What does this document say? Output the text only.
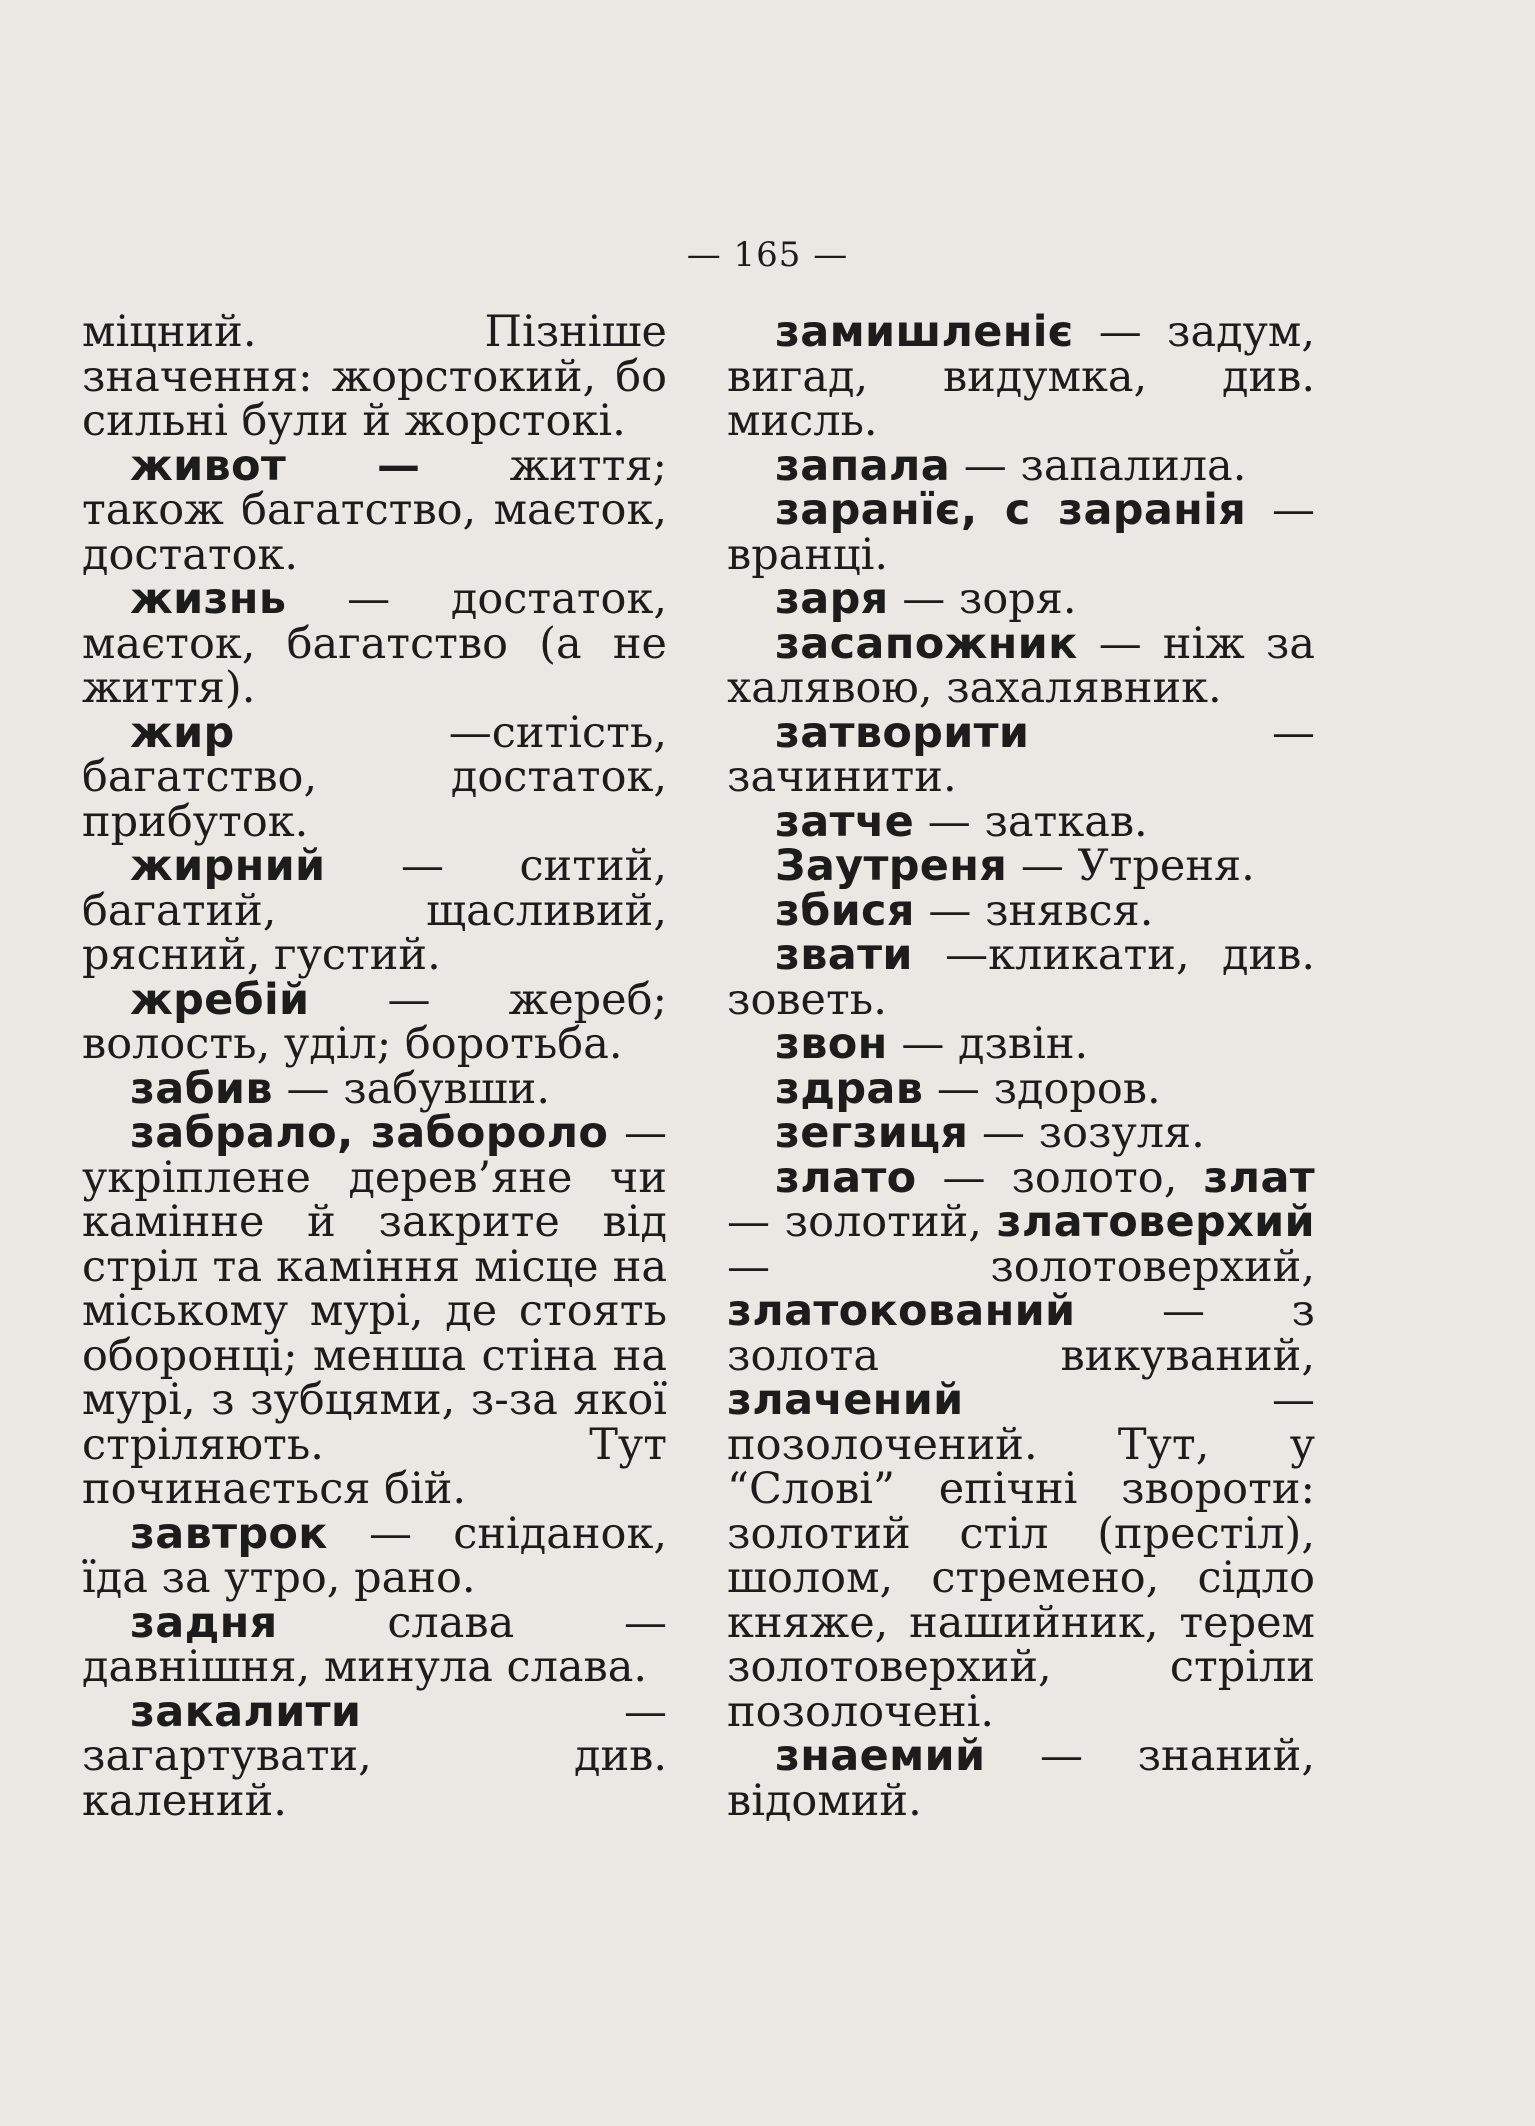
— 165 —

міцний. Пізніше значення: жорстокий, бо сильні були й жорстокі.

живот — життя; також багатство, маєток, достаток.

жизнь — достаток, маєток, багатство (а не життя).

жир —ситість, багатство, достаток, прибуток.

жирний — ситий, багатий, щасливий, рясний, густий.

жребій — жереб; волость, уділ; боротьба.

забив — забувши.

забрало, забороло — укріплене дерев’яне чи камінне й закрите від стріл та каміння місце на міському мурі, де стоять оборонці; менша стіна на мурі, з зубцями, з-за якої стріляють. Тут починається бій.

завтрок — сніданок, їда за утро, рано.

задня слава — давнішня, минула слава.

закалити — загартувати, див. калений.

замишленіє — задум, вигад, видумка, див. мисль.

запала — запалила.

заранїє, с заранія — вранці.

заря — зоря.

засапожник — ніж за халявою, захалявник.

затворити — зачинити.

затче — заткав.

Заутреня — Утреня.

збися — знявся.

звати —кликати, див. зоветь.

звон — дзвін.

здрав — здоров.

зегзиця — зозуля.

злато — золото, злат — золотий, златоверхий — золотоверхий, златокований — з золота викуваний, злачений — позолочений. Тут, у “Слові” епічні звороти: золотий стіл (престіл), шолом, стремено, сідло княже, нашийник, терем золотоверхий, стріли позолочені.

знаемий — знаний, відомий.
